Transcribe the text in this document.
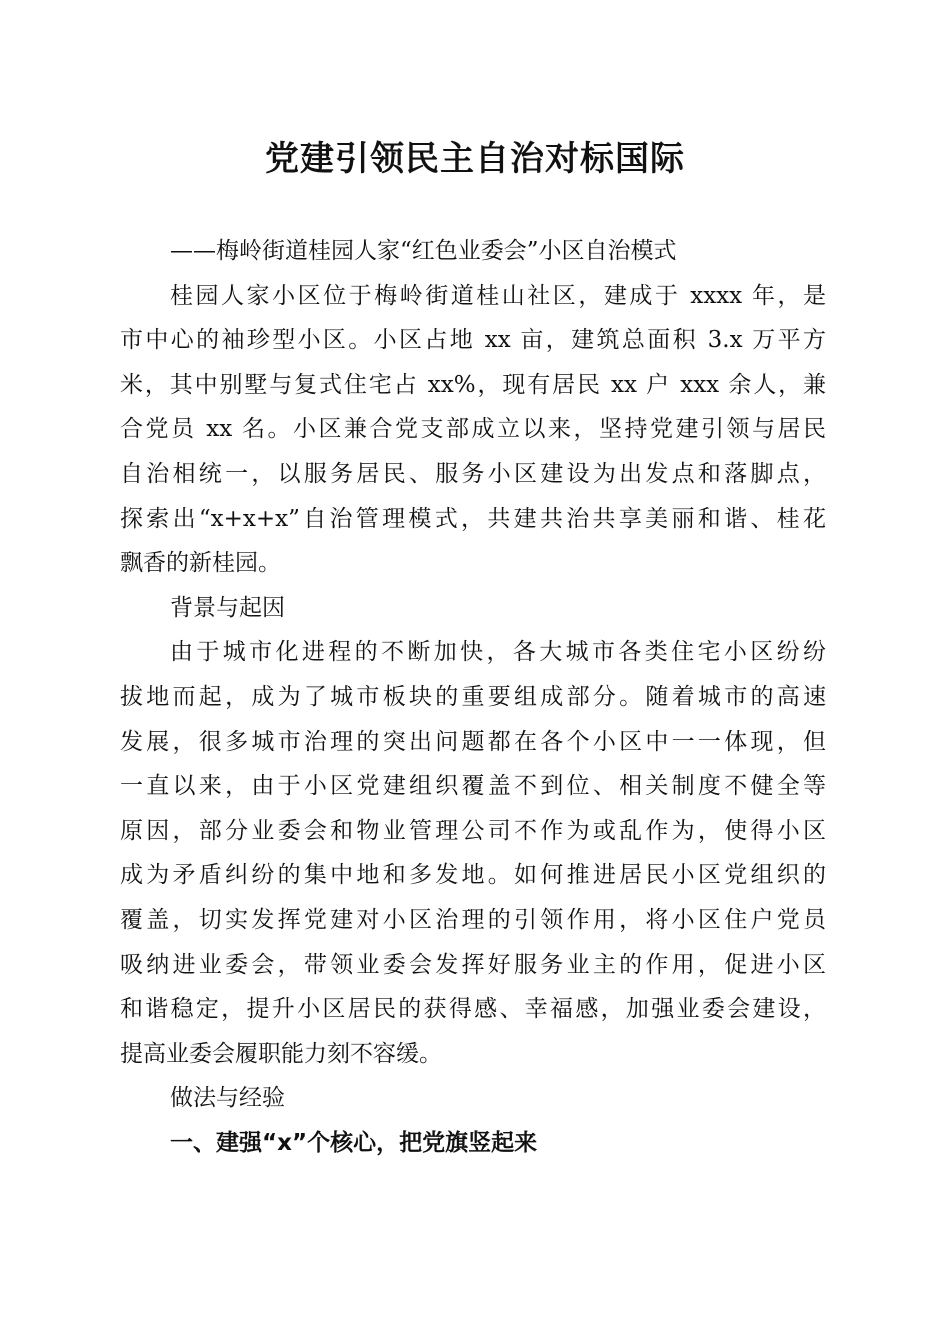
党建引领民主自治对标国际
——梅岭街道桂园人家“红色业委会”小区自治模式
桂园人家小区位于梅岭街道桂山社区，建成于 xxxx 年，是
市中心的袖珍型小区。小区占地 xx 亩，建筑总面积 3.x 万平方
米，其中别墅与复式住宅占 xx%，现有居民 xx 户 xxx 余人，兼
合党员 xx 名。小区兼合党支部成立以来，坚持党建引领与居民
自治相统一，以服务居民、服务小区建设为出发点和落脚点，
探索出“x+x+x”自治管理模式，共建共治共享美丽和谐、桂花
飘香的新桂园。
背景与起因
由于城市化进程的不断加快，各大城市各类住宅小区纷纷
拔地而起，成为了城市板块的重要组成部分。随着城市的高速
发展，很多城市治理的突出问题都在各个小区中一一体现，但
一直以来，由于小区党建组织覆盖不到位、相关制度不健全等
原因，部分业委会和物业管理公司不作为或乱作为，使得小区
成为矛盾纠纷的集中地和多发地。如何推进居民小区党组织的
覆盖，切实发挥党建对小区治理的引领作用，将小区住户党员
吸纳进业委会，带领业委会发挥好服务业主的作用，促进小区
和谐稳定，提升小区居民的获得感、幸福感，加强业委会建设，
提高业委会履职能力刻不容缓。
做法与经验
一、建强“x”个核心，把党旗竖起来
